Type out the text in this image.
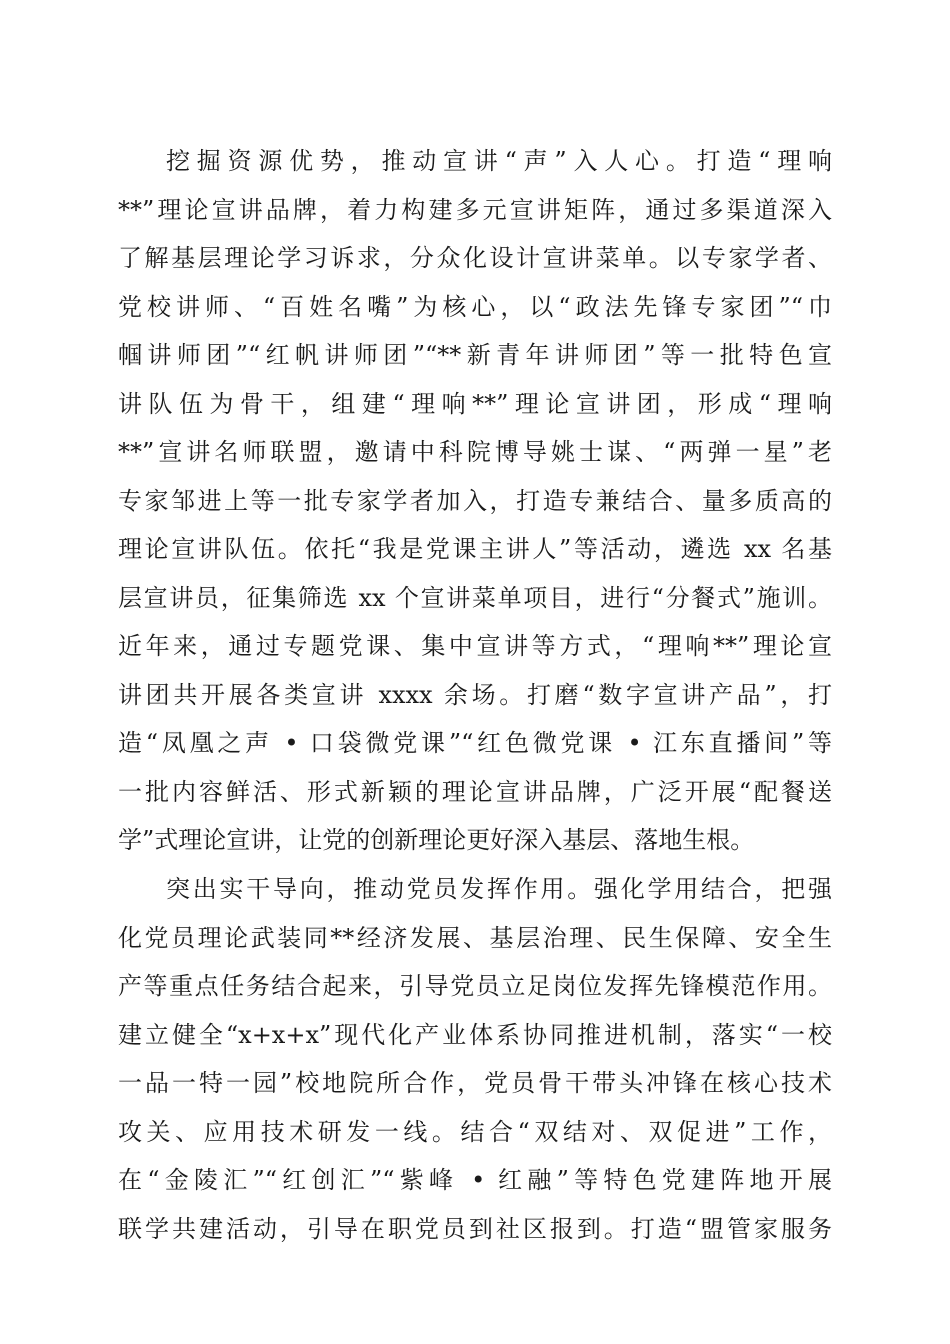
挖掘资源优势，推动宣讲“声”入人心。打造“理响
**”理论宣讲品牌，着力构建多元宣讲矩阵，通过多渠道深入
了解基层理论学习诉求，分众化设计宣讲菜单。以专家学者、
党校讲师、“百姓名嘴”为核心，以“政法先锋专家团”“巾
帼讲师团”“红帆讲师团”“**新青年讲师团”等一批特色宣
讲队伍为骨干，组建“理响**”理论宣讲团，形成“理响
**”宣讲名师联盟，邀请中科院博导姚士谋、“两弹一星”老
专家邹进上等一批专家学者加入，打造专兼结合、量多质高的
理论宣讲队伍。依托“我是党课主讲人”等活动，遴选 xx 名基
层宣讲员，征集筛选 xx 个宣讲菜单项目，进行“分餐式”施训。
近年来，通过专题党课、集中宣讲等方式，“理响**”理论宣
讲团共开展各类宣讲 xxxx 余场。打磨“数字宣讲产品”，打
造“凤凰之声 • 口袋微党课”“红色微党课 • 江东直播间”等
一批内容鲜活、形式新颖的理论宣讲品牌，广泛开展“配餐送
学”式理论宣讲，让党的创新理论更好深入基层、落地生根。
突出实干导向，推动党员发挥作用。强化学用结合，把强
化党员理论武装同**经济发展、基层治理、民生保障、安全生
产等重点任务结合起来，引导党员立足岗位发挥先锋模范作用。
建立健全“x+x+x”现代化产业体系协同推进机制，落实“一校
一品一特一园”校地院所合作，党员骨干带头冲锋在核心技术
攻关、应用技术研发一线。结合“双结对、双促进”工作，
在“金陵汇”“红创汇”“紫峰 • 红融”等特色党建阵地开展
联学共建活动，引导在职党员到社区报到。打造“盟管家服务
